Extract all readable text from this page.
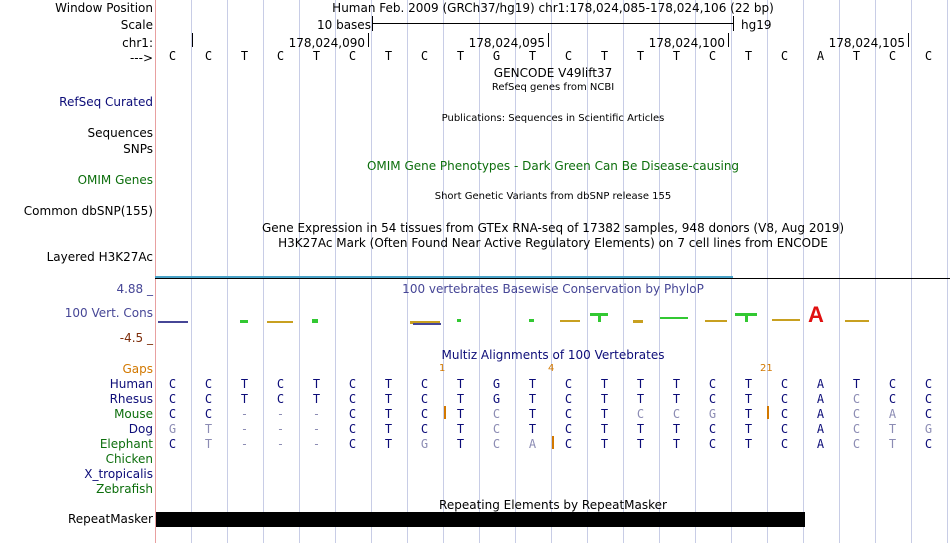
Window Position	Human Feb. 2009 (GRCh37/hg19) chr1:178,024,085-178,024,106 (22 bp)
Scale	10 bases	hg19
chr1:	178,024,090	178,024,095	178,024,100	178,024,105
--->	C	C	T	C	T	C	T	C	T	G	T	C	T	T	T	C	T	C	A	T	C	C
GENCODE V49lift37
RefSeq genes from NCBI
RefSeq Curated
Publications: Sequences in Scientific Articles
Sequences
SNPs
OMIM Gene Phenotypes - Dark Green Can Be Disease-causing
OMIM Genes
Short Genetic Variants from dbSNP release 155
Common dbSNP(155)
Gene Expression in 54 tissues from GTEx RNA-seq of 17382 samples, 948 donors (V8, Aug 2019)
H3K27Ac Mark (Often Found Near Active Regulatory Elements) on 7 cell lines from ENCODE
Layered H3K27Ac
4.88 _	100 vertebrates Basewise Conservation by PhyloP
100 Vert. Cons
-4.5 _
A
Multiz Alignments of 100 Vertebrates
Gaps	1	4	21
Human	C	C	T	C	T	C	T	C	T	G	T	C	T	T	T	C	T	C	A	T	C	C
Rhesus	C	C	T	C	T	C	T	C	T	G	T	C	T	T	T	C	T	C	A	C	C	C
Mouse	C	C	-	-	-	C	T	C	T	C	T	C	T	C	C	G	T	C	A	C	A	C
Dog	G	T	-	-	-	C	T	C	T	C	T	C	T	T	T	C	T	C	A	C	T	G
Elephant	C	T	-	-	-	C	T	G	T	C	A	C	T	T	T	C	T	C	A	C	T	C
Chicken
X_tropicalis
Zebrafish
Repeating Elements by RepeatMasker
RepeatMasker
